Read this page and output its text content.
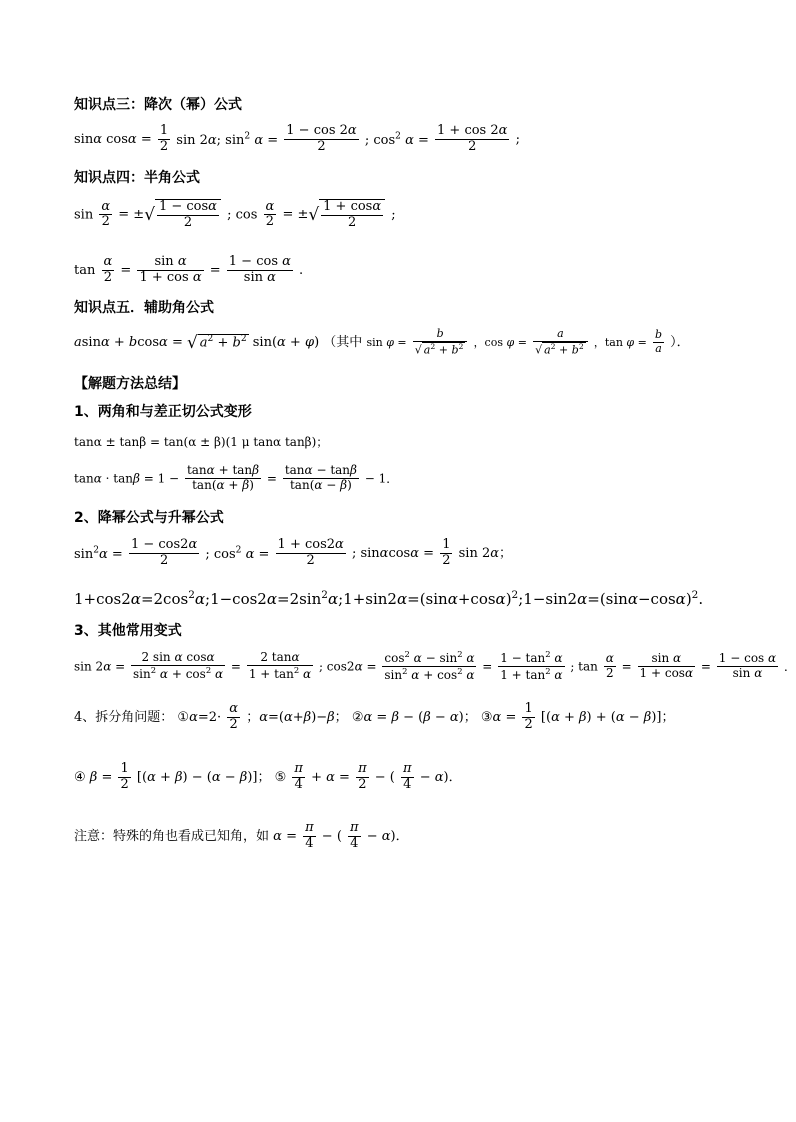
知识点三：降次（幂）公式
sinα $\cos\alpha = \frac{1}{2}$ sin 2α; $\sin^2 \alpha = \frac{1 - \cos 2\alpha}{2}$ ; $\cos^2 \alpha = \frac{1 + \cos 2\alpha}{2}$ ;
知识点四：半角公式
$\sin \frac{\alpha}{2}$ = ±√ $\frac{1 - \cos\alpha}{2}$ ; $\cos \frac{\alpha}{2}$ = ±√ $\frac{1 + \cos\alpha}{2}$ ;
$\tan \frac{\alpha}{2} = \frac{\text{sin α}}{\text{1 + cos α}} = \frac{\text{1 − cos α}}{\text{sin α}}$ .
知识点五．辅助角公式
asinα + bcosα = √ $a^2 + b^2$ sin(α + φ) （其中 $\sin \varphi = \frac{b}{√ a^2 + b^2}$ ，$\cos \varphi = \frac{a}{√ a^2 + b^2}$ ，$\tan \varphi = \frac{b}{a}$ ）．
【解题方法总结】
1、两角和与差正切公式变形
tanα ± tanβ = tan(α ± β)(1 μ tanα tanβ)；
$\tan\alpha \cdot \tan\beta = 1 - \frac{\tan\alpha + \tan\beta}{\tan(\alpha + \beta)} = \frac{\tan\alpha - \tan\beta}{\tan(\alpha - \beta)} - 1$．
2、降幂公式与升幂公式
$\sin^2\alpha = \frac{1 - \cos 2\alpha}{2}$ ; $\cos^2 \alpha = \frac{1 + \cos 2\alpha}{2}$ ; $\sin\alpha\cos\alpha = \frac{1}{2}$ sin 2α；
$1+\cos 2\alpha=2\cos^2\alpha;1-\cos 2\alpha=2\sin^2\alpha;1+\sin 2\alpha=(\sin\alpha+\cos\alpha)^2;1-\sin 2\alpha=(\sin\alpha-\cos\alpha)^2$.
3、其他常用变式
$\sin 2\alpha = \frac{\text{2 sin α cosα}}{\sin^2 \alpha + \cos^2 \alpha} = \frac{2 \tan\alpha}{1 + \tan^2 \alpha}$ ; $\cos 2\alpha = \frac{\cos^2 \alpha - \sin^2 \alpha}{\sin^2 \alpha + \cos^2 \alpha} = \frac{1 - \tan^2 \alpha}{1 + \tan^2 \alpha}$ ; $\tan \frac{\alpha}{2} = \frac{\text{sin α}}{1 + \cos\alpha} = \frac{\text{1 − cos α}}{\text{sin α}}$ ．
4、拆分角问题： ①α=2· $\frac{\alpha}{2}$ ；α=(α+β)−β； ②α = β − (β − α)； ③α = $\frac{1}{2} [(\alpha + \beta) + (\alpha - \beta)]$；
④ $\beta = \frac{1}{2} [(\alpha + \beta) - (\alpha - \beta)]$； ⑤ $\frac{\pi}{4} + \alpha = \frac{\pi}{2}$ − ( $\frac{\pi}{4} - \alpha$)．
注意：特殊的角也看成已知角，如 $\alpha = \frac{\pi}{4}$ − ( $\frac{\pi}{4} - \alpha$)．
